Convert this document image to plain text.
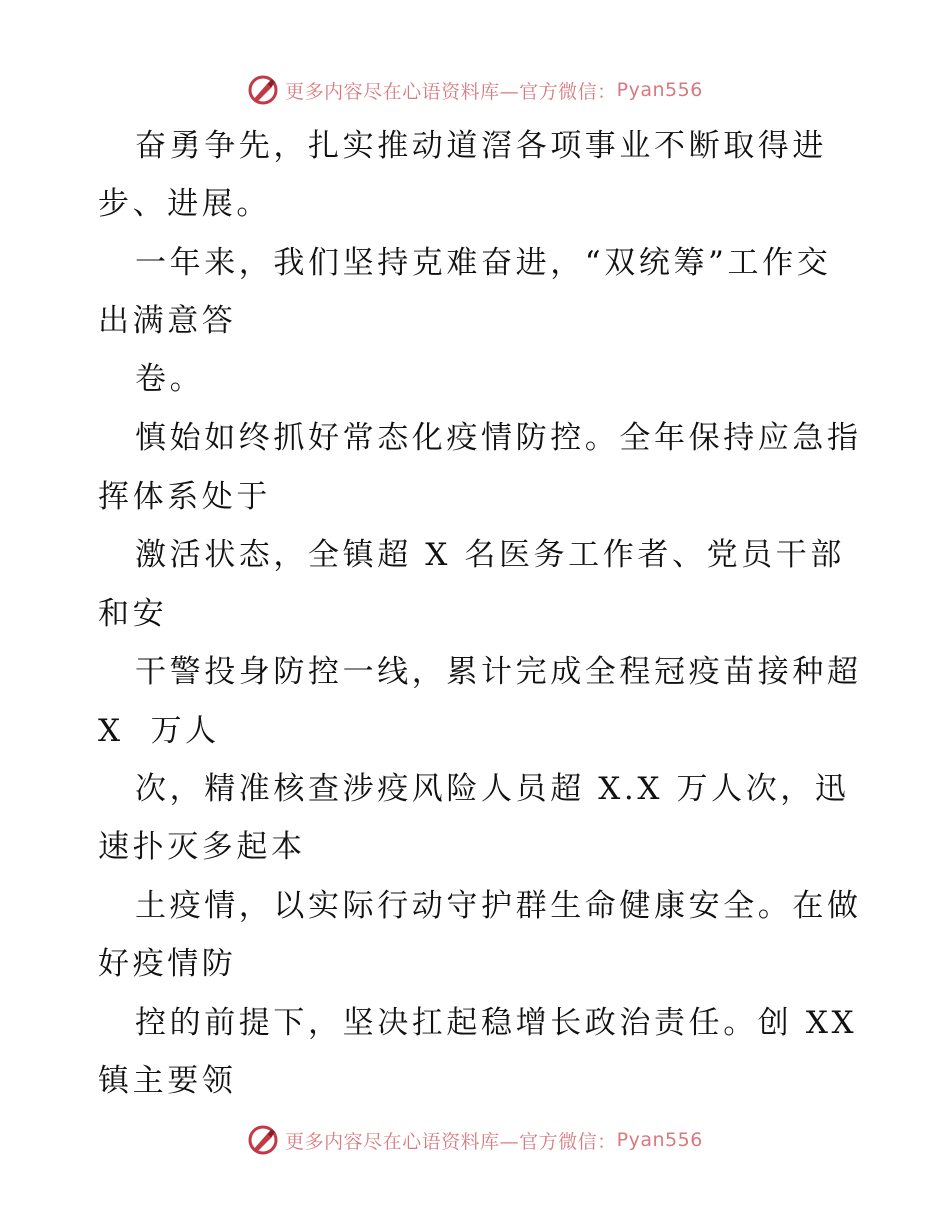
更多内容尽在心语资料库—官方微信： Pyan556
奋勇争先，扎实推动道滘各项事业不断取得进
步、进展。
一年来，我们坚持克难奋进，“双统筹”工作交
出满意答
卷。
慎始如终抓好常态化疫情防控。全年保持应急指
挥体系处于
激活状态，全镇超 X 名医务工作者、党员干部
和安
干警投身防控一线，累计完成全程冠疫苗接种超
X  万人
次，精准核查涉疫风险人员超 X.X 万人次，迅
速扑灭多起本
土疫情，以实际行动守护群生命健康安全。在做
好疫情防
控的前提下，坚决扛起稳增长政治责任。创 XX
镇主要领
更多内容尽在心语资料库—官方微信： Pyan556
